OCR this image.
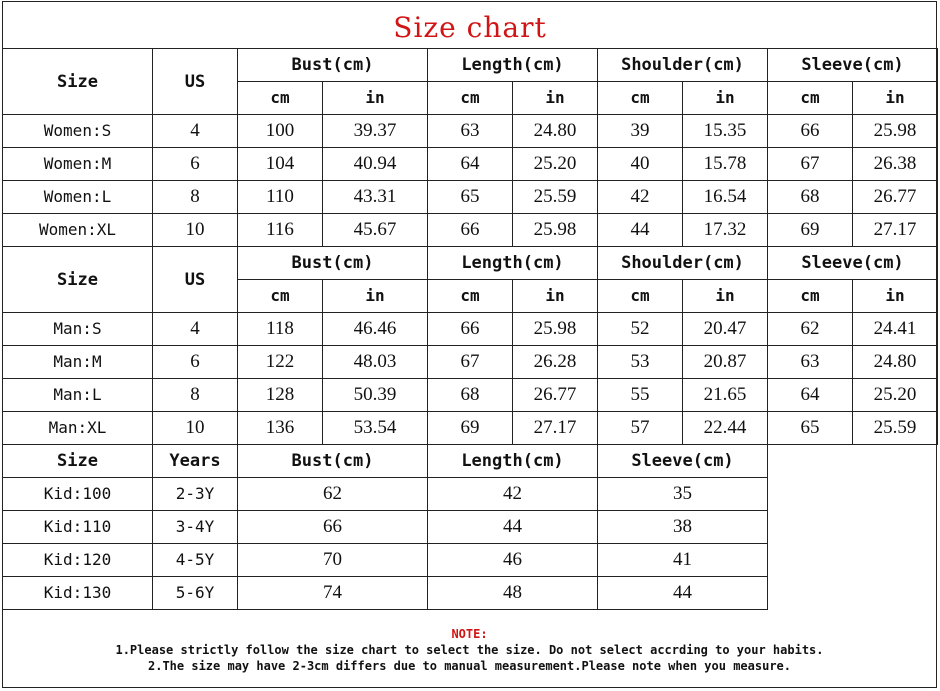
Size chart
Size	US	Bust(cm)		Length(cm)		Shoulder(cm)		Sleeve(cm)	
		cm	in	cm	in	cm	in	cm	in
Women:S	4	100	39.37	63	24.80	39	15.35	66	25.98
Women:M	6	104	40.94	64	25.20	40	15.78	67	26.38
Women:L	8	110	43.31	65	25.59	42	16.54	68	26.77
Women:XL	10	116	45.67	66	25.98	44	17.32	69	27.17
Size	US	Bust(cm)		Length(cm)		Shoulder(cm)		Sleeve(cm)	
		cm	in	cm	in	cm	in	cm	in
Man:S	4	118	46.46	66	25.98	52	20.47	62	24.41
Man:M	6	122	48.03	67	26.28	53	20.87	63	24.80
Man:L	8	128	50.39	68	26.77	55	21.65	64	25.20
Man:XL	10	136	53.54	69	27.17	57	22.44	65	25.59
Size	Years	Bust(cm)	Length(cm)	Sleeve(cm)
Kid:100	2-3Y	62	42	35
Kid:110	3-4Y	66	44	38
Kid:120	4-5Y	70	46	41
Kid:130	5-6Y	74	48	44
NOTE:
1.Please strictly follow the size chart to select the size. Do not select accrding to your habits.
2.The size may have 2-3cm differs due to manual measurement.Please note when you measure.
